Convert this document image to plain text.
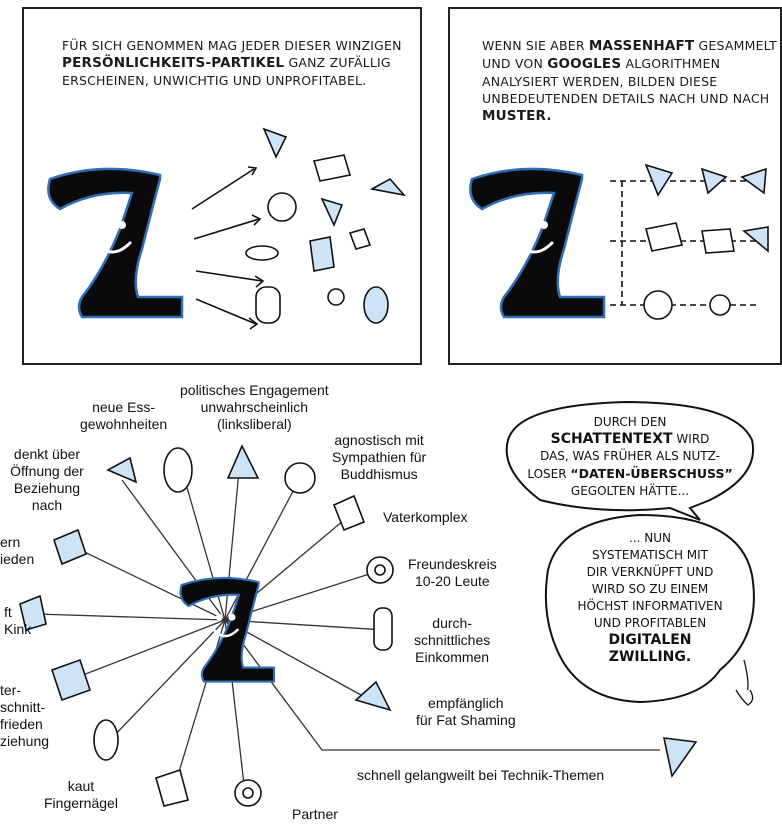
FÜR SICH GENOMMEN MAG JEDER DIESER WINZIGEN PERSÖNLICHKEITS-PARTIKEL GANZ ZUFÄLLIG ERSCHEINEN, UNWICHTIG UND UNPROFITABEL.
WENN SIE ABER MASSENHAFT GESAMMELT UND VON GOOGLES ALGORITHMEN ANALYSIERT WERDEN, BILDEN DIESE UNBEDEUTENDEN DETAILS NACH UND NACH MUSTER.
neue Ess-
gewohnheiten
politisches Engagement
unwahrscheinlich
(linksliberal)
agnostisch mit
Sympathien für
Buddhismus
denkt über
Öffnung der
Beziehung
nach
Vaterkomplex
ern
ieden	Freundeskreis
10-20 Leute
ft
Kink	durch-
schnittliches
Einkommen
ter-
schnitt-
frieden
ziehung
empfänglich
für Fat Shaming
kaut
Fingernägel
Partner
schnell gelangweilt bei Technik-Themen
DURCH DEN
SCHATTENTEXT WIRD
DAS, WAS FRÜHER ALS NUTZ-
LOSER “DATEN-ÜBERSCHUSS”
GEGOLTEN HÄTTE...
... NUN
SYSTEMATISCH MIT
DIR VERKNÜPFT UND
WIRD SO ZU EINEM
HÖCHST INFORMATIVEN
UND PROFITABLEN
DIGITALEN
ZWILLING.
